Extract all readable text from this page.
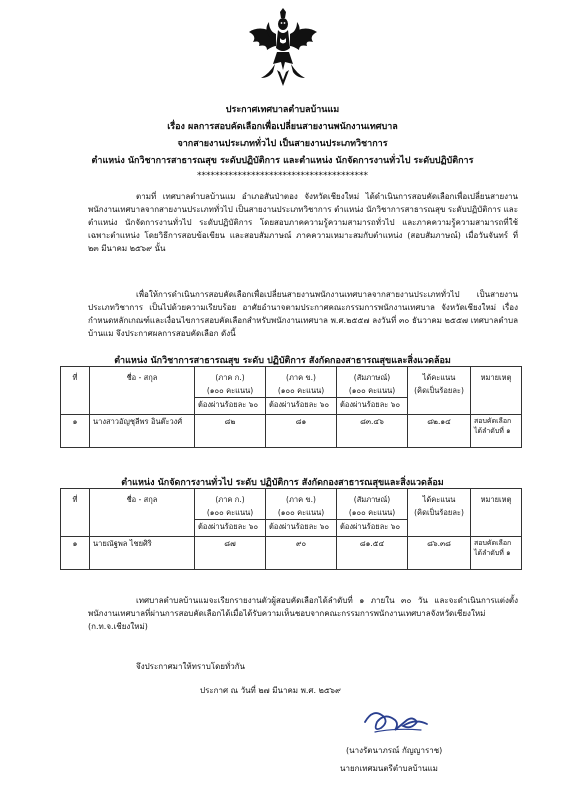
ประกาศเทศบาลตำบลบ้านแม
เรื่อง ผลการสอบคัดเลือกเพื่อเปลี่ยนสายงานพนักงานเทศบาล
จากสายงานประเภททั่วไป เป็นสายงานประเภทวิชาการ
ตำแหน่ง นักวิชาการสาธารณสุข ระดับปฏิบัติการ และตำแหน่ง นักจัดการงานทั่วไป ระดับปฏิบัติการ
**************************************
ตามที่ เทศบาลตำบลบ้านแม อำเภอสันป่าตอง จังหวัดเชียงใหม่ ได้ดำเนินการสอบคัดเลือกเพื่อเปลี่ยนสายงานพนักงานเทศบาลจากสายงานประเภททั่วไป เป็นสายงานประเภทวิชาการ ตำแหน่ง นักวิชาการสาธารณสุข ระดับปฏิบัติการ และตำแหน่ง นักจัดการงานทั่วไป ระดับปฏิบัติการ โดยสอบภาคความรู้ความสามารถทั่วไป และภาคความรู้ความสามารถที่ใช้เฉพาะตำแหน่ง โดยวิธีการสอบข้อเขียน และสอบสัมภาษณ์ ภาคความเหมาะสมกับตำแหน่ง (สอบสัมภาษณ์) เมื่อวันจันทร์ ที่ ๒๓ มีนาคม ๒๕๖๙ นั้น
เพื่อให้การดำเนินการสอบคัดเลือกเพื่อเปลี่ยนสายงานพนักงานเทศบาลจากสายงานประเภททั่วไป เป็นสายงานประเภทวิชาการ เป็นไปด้วยความเรียบร้อย อาศัยอำนาจตามประกาศคณะกรรมการพนักงานเทศบาล จังหวัดเชียงใหม่ เรื่อง กำหนดหลักเกณฑ์และเงื่อนไขการสอบคัดเลือกสำหรับพนักงานเทศบาล พ.ศ.๒๕๕๗ ลงวันที่ ๓๐ ธันวาคม ๒๕๕๗ เทศบาลตำบลบ้านแม จึงประกาศผลการสอบคัดเลือก ดังนี้
ตำแหน่ง นักวิชาการสาธารณสุข ระดับ ปฏิบัติการ สังกัดกองสาธารณสุขและสิ่งแวดล้อม
ที่	ชื่อ - สกุล	(ภาค ก.)
(๑๐๐ คะแนน)
ต้องผ่านร้อยละ ๖๐	(ภาค ข.)
(๑๐๐ คะแนน)
ต้องผ่านร้อยละ ๖๐	(สัมภาษณ์)
(๑๐๐ คะแนน)
ต้องผ่านร้อยละ ๖๐	ได้คะแนน
(คิดเป็นร้อยละ)	หมายเหตุ

๑	นางสาวอัญชุลีพร อินต๊ะวงศ์	๘๒	๘๑	๘๓.๔๖	๘๒.๑๔	สอบคัดเลือกได้ลำดับที่ ๑
ตำแหน่ง นักจัดการงานทั่วไป ระดับ ปฏิบัติการ สังกัดกองสาธารณสุขและสิ่งแวดล้อม
ที่	ชื่อ - สกุล	(ภาค ก.)
(๑๐๐ คะแนน)
ต้องผ่านร้อยละ ๖๐	(ภาค ข.)
(๑๐๐ คะแนน)
ต้องผ่านร้อยละ ๖๐	(สัมภาษณ์)
(๑๐๐ คะแนน)
ต้องผ่านร้อยละ ๖๐	ได้คะแนน
(คิดเป็นร้อยละ)	หมายเหตุ

๑	นายณัฐพล ไชยศิริ	๘๗	๙๐	๘๑.๕๔	๘๖.๓๘	สอบคัดเลือกได้ลำดับที่ ๑
เทศบาลตำบลบ้านแมจะเรียกรายงานตัวผู้สอบคัดเลือกได้ลำดับที่ ๑ ภายใน ๓๐ วัน และจะดำเนินการแต่งตั้งพนักงานเทศบาลที่ผ่านการสอบคัดเลือกได้เมื่อได้รับความเห็นชอบจากคณะกรรมการพนักงานเทศบาลจังหวัดเชียงใหม่ (ก.ท.จ.เชียงใหม่)
จึงประกาศมาให้ทราบโดยทั่วกัน
ประกาศ ณ วันที่ ๒๗ มีนาคม พ.ศ. ๒๕๖๙
(นางรัตนาภรณ์ กัญญาราช)
นายกเทศมนตรีตำบลบ้านแม
